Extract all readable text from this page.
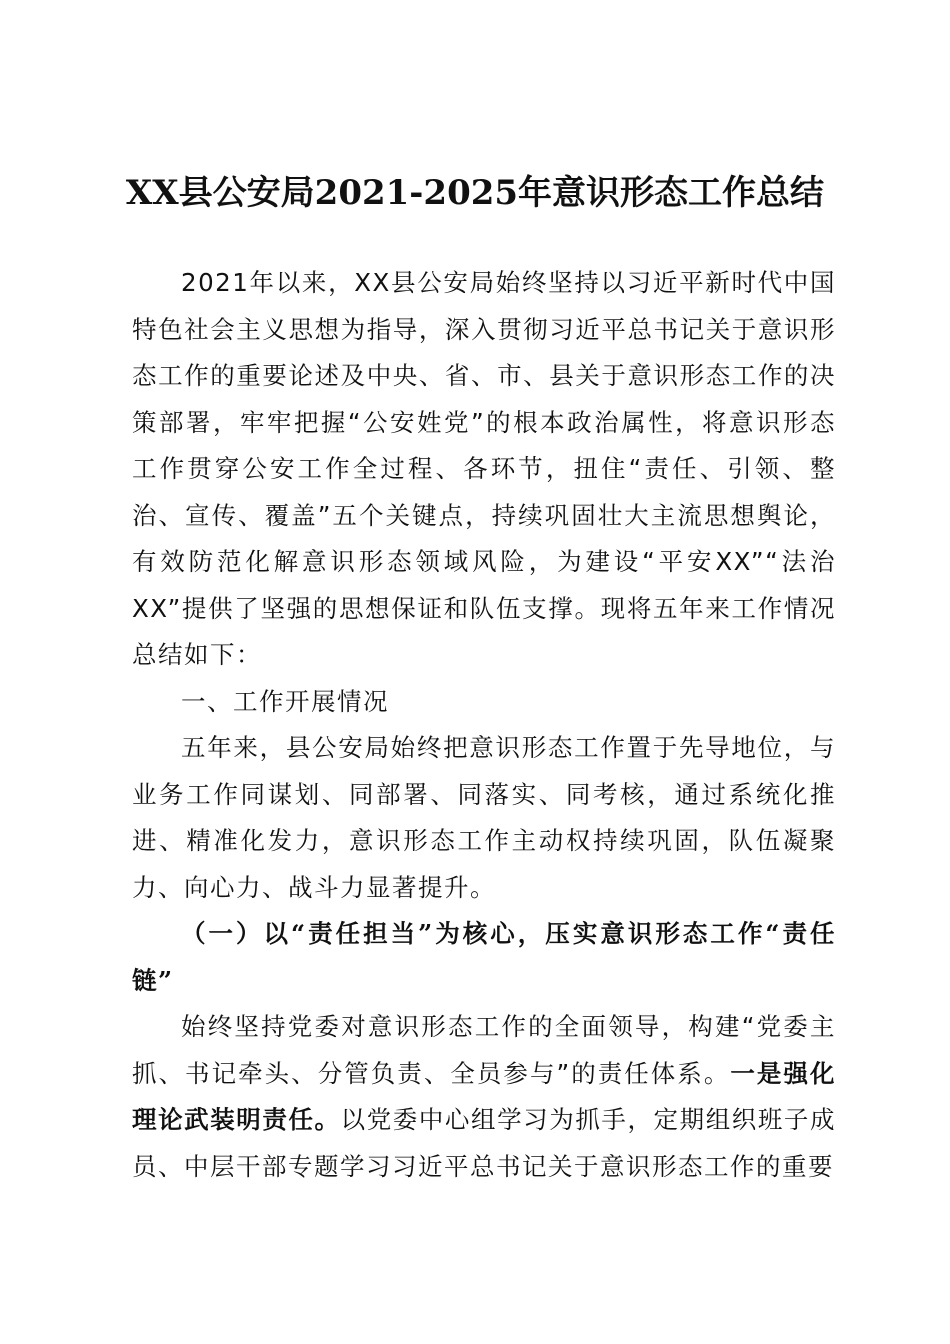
XX县公安局2021-2025年意识形态工作总结

2021年以来，XX县公安局始终坚持以习近平新时代中国特色社会主义思想为指导，深入贯彻习近平总书记关于意识形态工作的重要论述及中央、省、市、县关于意识形态工作的决策部署，牢牢把握“公安姓党”的根本政治属性，将意识形态工作贯穿公安工作全过程、各环节，扭住“责任、引领、整治、宣传、覆盖”五个关键点，持续巩固壮大主流思想舆论，有效防范化解意识形态领域风险，为建设“平安XX”“法治XX”提供了坚强的思想保证和队伍支撑。现将五年来工作情况总结如下：

一、工作开展情况

五年来，县公安局始终把意识形态工作置于先导地位，与业务工作同谋划、同部署、同落实、同考核，通过系统化推进、精准化发力，意识形态工作主动权持续巩固，队伍凝聚力、向心力、战斗力显著提升。

（一）以“责任担当”为核心，压实意识形态工作“责任链”

始终坚持党委对意识形态工作的全面领导，构建“党委主抓、书记牵头、分管负责、全员参与”的责任体系。一是强化理论武装明责任。以党委中心组学习为抓手，定期组织班子成员、中层干部专题学习习近平总书记关于意识形态工作的重要
